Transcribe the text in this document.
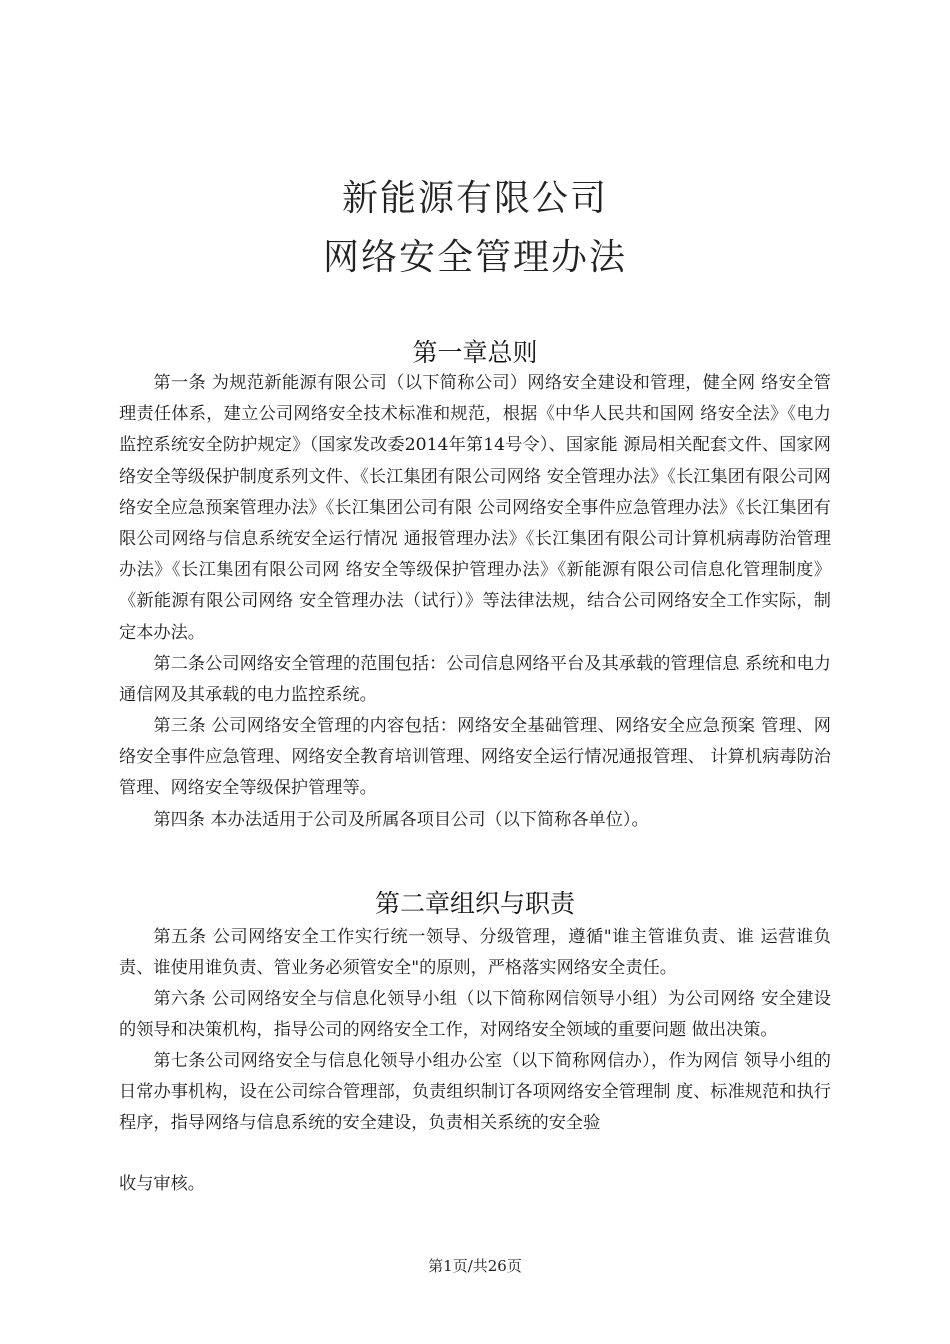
新能源有限公司
网络安全管理办法
第一章总则
第一条 为规范新能源有限公司（以下简称公司）网络安全建设和管理，健全网 络安全管理责任体系，建立公司网络安全技术标准和规范，根据《中华人民共和国网 络安全法》《电力监控系统安全防护规定》（国家发改委2014年第14号令）、国家能 源局相关配套文件、国家网络安全等级保护制度系列文件、《长江集团有限公司网络 安全管理办法》《长江集团有限公司网络安全应急预案管理办法》《长江集团公司有限 公司网络安全事件应急管理办法》《长江集团有限公司网络与信息系统安全运行情况 通报管理办法》《长江集团有限公司计算机病毒防治管理办法》《长江集团有限公司网 络安全等级保护管理办法》《新能源有限公司信息化管理制度》《新能源有限公司网络 安全管理办法（试行）》等法律法规，结合公司网络安全工作实际，制定本办法。
第二条公司网络安全管理的范围包括：公司信息网络平台及其承载的管理信息 系统和电力通信网及其承载的电力监控系统。
第三条 公司网络安全管理的内容包括：网络安全基础管理、网络安全应急预案 管理、网络安全事件应急管理、网络安全教育培训管理、网络安全运行情况通报管理、 计算机病毒防治管理、网络安全等级保护管理等。
第四条 本办法适用于公司及所属各项目公司（以下简称各单位）。
第二章组织与职责
第五条 公司网络安全工作实行统一领导、分级管理，遵循"谁主管谁负责、谁 运营谁负责、谁使用谁负责、管业务必须管安全"的原则，严格落实网络安全责任。
第六条 公司网络安全与信息化领导小组（以下简称网信领导小组）为公司网络 安全建设的领导和决策机构，指导公司的网络安全工作，对网络安全领域的重要问题 做出决策。
第七条公司网络安全与信息化领导小组办公室（以下简称网信办），作为网信 领导小组的日常办事机构，设在公司综合管理部，负责组织制订各项网络安全管理制 度、标准规范和执行程序，指导网络与信息系统的安全建设，负责相关系统的安全验
收与审核。
第1页/共26页
